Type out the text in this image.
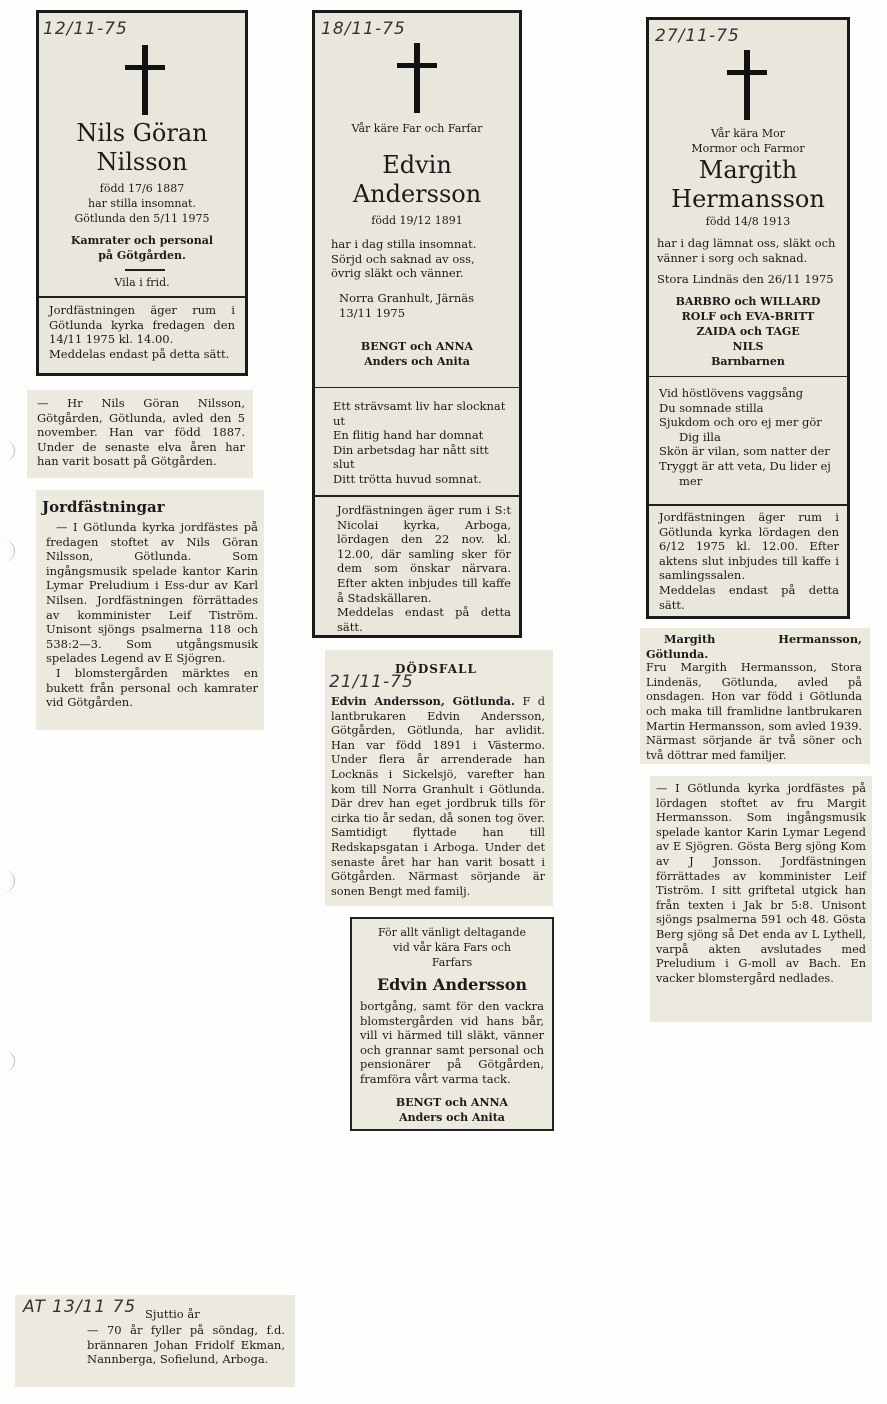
12/11-75
Nils Göran
Nilsson
född 17/6 1887
har stilla insomnat.
Götlunda den 5/11 1975
Kamrater och personal
på Götgården.
Vila i frid.

Jordfästningen äger rum i Götlunda kyrka fredagen den 14/11 1975 kl. 14.00.

Meddelas endast på detta sätt.

— Hr Nils Göran Nilsson, Götgården, Götlunda, avled den 5 november. Han var född 1887. Under de senaste elva åren har han varit bosatt på Götgården.
Jordfästningar

— I Götlunda kyrka jordfästes på fredagen stoftet av Nils Göran Nilsson, Götlunda. Som ingångsmusik spelade kantor Karin Lymar Preludium i Ess-dur av Karl Nilsen. Jordfästningen förrättades av komminister Leif Tiström. Unisont sjöngs psalmerna 118 och 538:2—3. Som utgångsmusik spelades Legend av E Sjögren.

I blomstergården märktes en bukett från personal och kamrater vid Götgården.

18/11-75
Vår käre Far och Farfar
Edvin
Andersson
född 19/12 1891
har i dag stilla insomnat. Sörjd och saknad av oss, övrig släkt och vänner.
Norra Granhult, Järnäs 13/11 1975
BENGT och ANNA
Anders och Anita

Ett strävsamt liv har slocknat ut

En flitig hand har domnat

Din arbetsdag har nått sitt slut

Ditt trötta huvud somnat.

Jordfästningen äger rum i S:t Nicolai kyrka, Arboga, lördagen den 22 nov. kl. 12.00, där samling sker för dem som önskar närvara. Efter akten inbjudes till kaffe å Stadskällaren.

Meddelas endast på detta sätt.

21/11-75
DÖDSFALL
Edvin Andersson, Götlunda. F d lantbrukaren Edvin Andersson, Götgården, Götlunda, har avlidit. Han var född 1891 i Västermo. Under flera år arrenderade han Locknäs i Sickelsjö, varefter han kom till Norra Granhult i Götlunda. Där drev han eget jordbruk tills för cirka tio år sedan, då sonen tog över. Samtidigt flyttade han till Redskapsgatan i Arboga. Under det senaste året har han varit bosatt i Götgården. Närmast sörjande är sonen Bengt med familj.
För allt vänligt deltagande
vid vår kära Fars och
Farfars
Edvin Andersson
bortgång, samt för den vackra blomstergården vid hans bår, vill vi härmed till släkt, vänner och grannar samt personal och pensionärer på Götgården, framföra vårt varma tack.
BENGT och ANNA
Anders och Anita
27/11-75
Vår kära Mor
Mormor och Farmor
Margith
Hermansson
född 14/8 1913
har i dag lämnat oss, släkt och vänner i sorg och saknad.
Stora Lindnäs den 26/11 1975
BARBRO och WILLARD
ROLF och EVA-BRITT
ZAIDA och TAGE
NILS
Barnbarnen

Vid höstlövens vaggsång

Du somnade stilla

Sjukdom och oro ej mer gör

Dig illa

Skön är vilan, som natter der

Tryggt är att veta, Du lider ej

mer

Jordfästningen äger rum i Götlunda kyrka lördagen den 6/12 1975 kl. 12.00. Efter aktens slut inbjudes till kaffe i samlingssalen.

Meddelas endast på detta sätt.

Margith Hermansson, Götlunda.

Fru Margith Hermansson, Stora Lindenäs, Götlunda, avled på onsdagen. Hon var född i Götlunda och maka till framlidne lantbrukaren Martin Hermansson, som avled 1939. Närmast sörjande är två söner och två döttrar med familjer.

— I Götlunda kyrka jordfästes på lördagen stoftet av fru Margit Hermansson. Som ingångsmusik spelade kantor Karin Lymar Legend av E Sjögren. Gösta Berg sjöng Kom av J Jonsson. Jordfästningen förrättades av komminister Leif Tiström. I sitt griftetal utgick han från texten i Jak br 5:8. Unisont sjöngs psalmerna 591 och 48. Gösta Berg sjöng så Det enda av L Lythell, varpå akten avslutades med Preludium i G-moll av Bach. En vacker blomstergård nedlades.
AT 13/11 75 Sjuttio år
— 70 år fyller på söndag, f.d. brännaren Johan Fridolf Ekman, Nannberga, Sofielund, Arboga.
